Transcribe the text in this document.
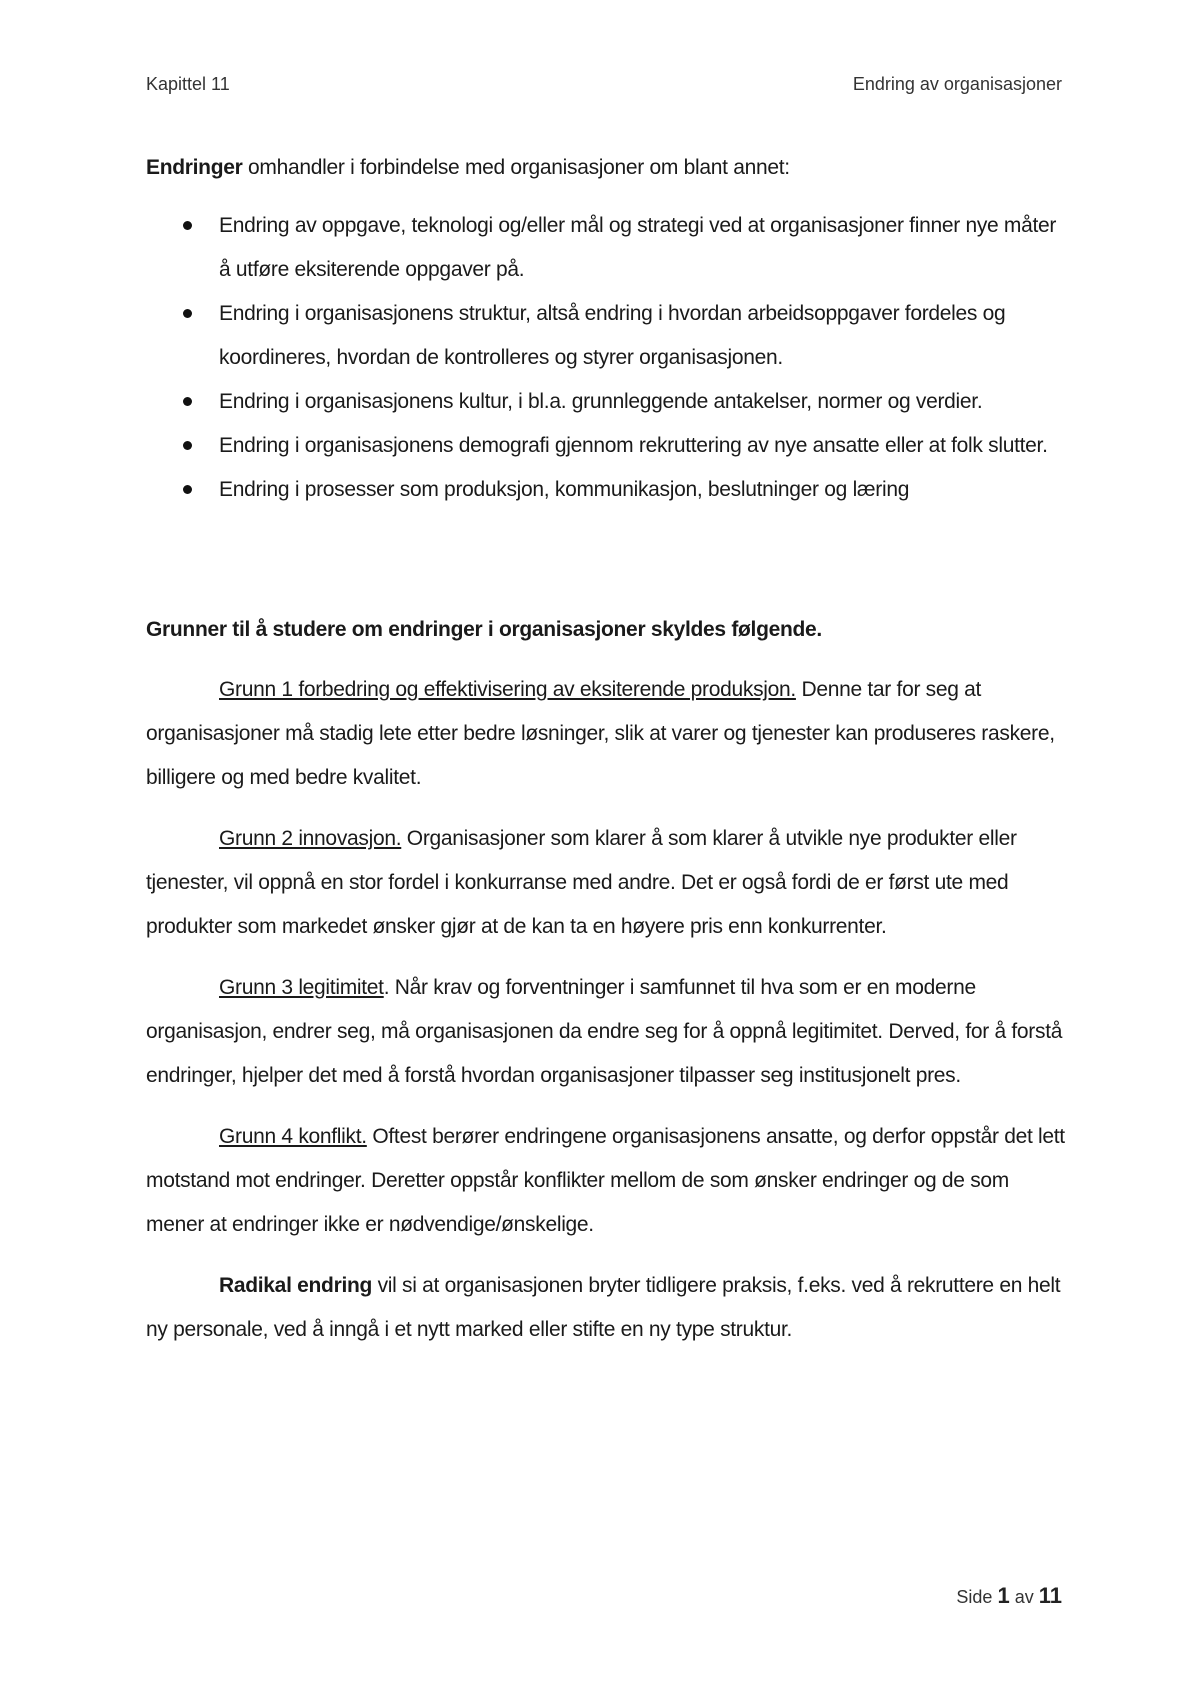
Kapittel 11	Endring av organisasjoner

Endringer omhandler i forbindelse med organisasjoner om blant annet:

Endring av oppgave, teknologi og/eller mål og strategi ved at organisasjoner finner nye måter å utføre eksiterende oppgaver på.
Endring i organisasjonens struktur, altså endring i hvordan arbeidsoppgaver fordeles og koordineres, hvordan de kontrolleres og styrer organisasjonen.
Endring i organisasjonens kultur, i bl.a. grunnleggende antakelser, normer og verdier.
Endring i organisasjonens demografi gjennom rekruttering av nye ansatte eller at folk slutter.
Endring i prosesser som produksjon, kommunikasjon, beslutninger og læring

Grunner til å studere om endringer i organisasjoner skyldes følgende.

Grunn 1 forbedring og effektivisering av eksiterende produksjon. Denne tar for seg at organisasjoner må stadig lete etter bedre løsninger, slik at varer og tjenester kan produseres raskere, billigere og med bedre kvalitet.

Grunn 2 innovasjon. Organisasjoner som klarer å som klarer å utvikle nye produkter eller tjenester, vil oppnå en stor fordel i konkurranse med andre. Det er også fordi de er først ute med produkter som markedet ønsker gjør at de kan ta en høyere pris enn konkurrenter.

Grunn 3 legitimitet. Når krav og forventninger i samfunnet til hva som er en moderne organisasjon, endrer seg, må organisasjonen da endre seg for å oppnå legitimitet. Derved, for å forstå endringer, hjelper det med å forstå hvordan organisasjoner tilpasser seg institusjonelt pres.

Grunn 4 konflikt. Oftest berører endringene organisasjonens ansatte, og derfor oppstår det lett motstand mot endringer. Deretter oppstår konflikter mellom de som ønsker endringer og de som mener at endringer ikke er nødvendige/ønskelige.

Radikal endring vil si at organisasjonen bryter tidligere praksis, f.eks. ved å rekruttere en helt ny personale, ved å inngå i et nytt marked eller stifte en ny type struktur.

Side 1 av 11
